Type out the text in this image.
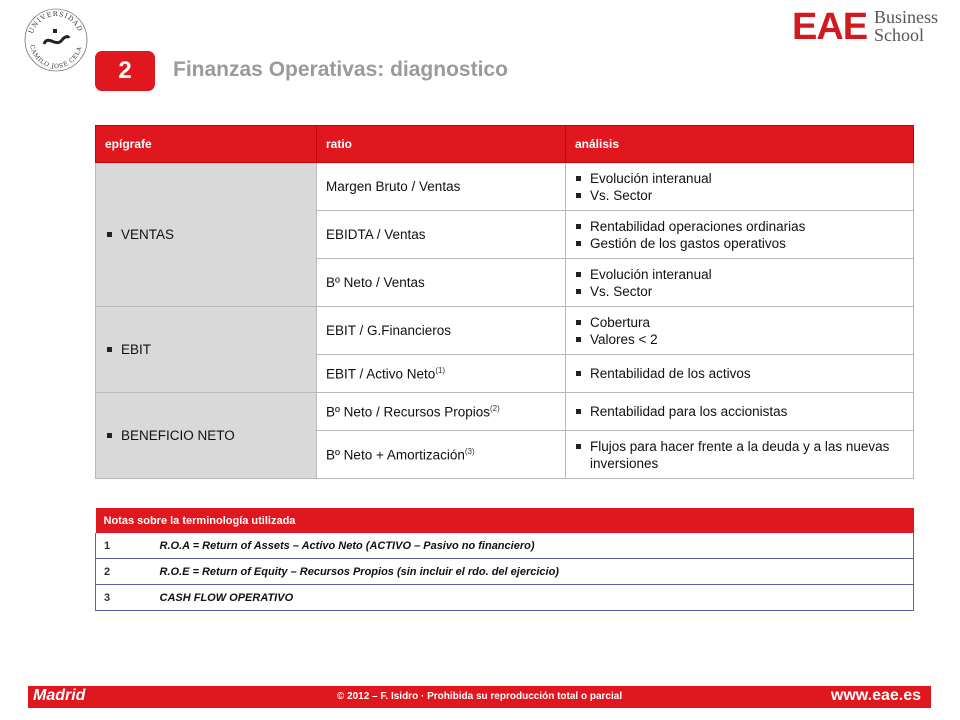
UNIVERSIDAD
CAMILO JOSÉ CELA
EAE Business
School
2	Finanzas Operativas: diagnostico
epígrafe	ratio	análisis

VENTAS	Margen Bruto / Ventas	Evolución interanual
Vs. Sector

	EBIDTA / Ventas	Rentabilidad operaciones ordinarias
Gestión de los gastos operativos

	Bº Neto / Ventas	Evolución interanual
Vs. Sector

EBIT	EBIT / G.Financieros	Cobertura
Valores < 2

	EBIT / Activo Neto$^{(1)}$	Rentabilidad de los activos

BENEFICIO NETO	Bº Neto / Recursos Propios$^{(2)}$	Rentabilidad para los accionistas

	Bº Neto + Amortización$^{(3)}$	Flujos para hacer frente a la deuda y a las nuevas inversiones
Notas sobre la terminología utilizada	
1	R.O.A = Return of Assets – Activo Neto (ACTIVO – Pasivo no financiero)
2	R.O.E = Return of Equity – Recursos Propios (sin incluir el rdo. del ejercicio)
3	CASH FLOW OPERATIVO
Madrid	© 2012 – F. Isidro · Prohibida su reproducción total o parcial	www.eae.es
